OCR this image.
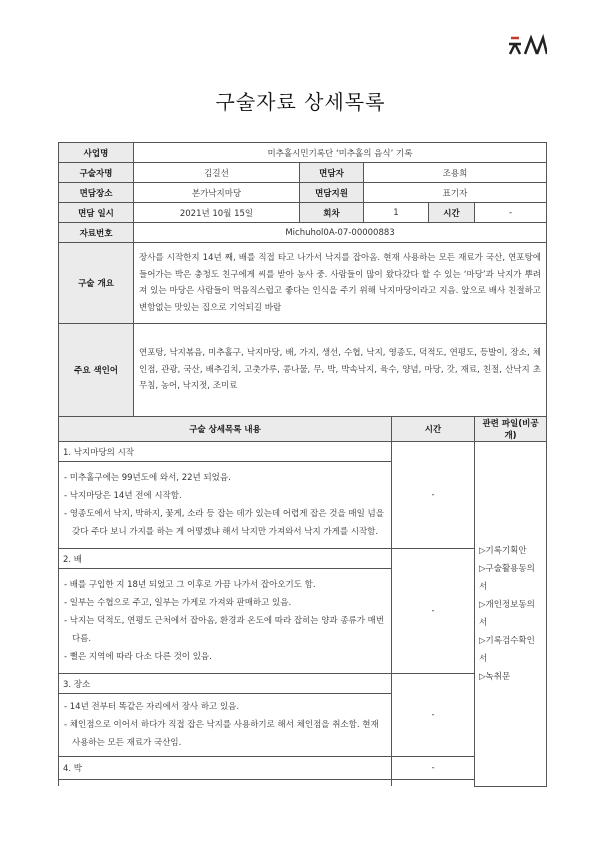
구술자료 상세목록
사업명	미추홀시민기록단 ‘미추홀의 음식’ 기록					
구술자명	김길선	면담자	조용희			
면담장소	본가낙지마당	면담지원	표기자			
면담 일시	2021년 10월 15일	회차	1		시간	-
자료번호	Michuhol0A-07-00000883					
구술 개요	장사를 시작한지 14년 째, 배를 직접 타고 나가서 낙지를 잡아옴. 현재 사용하는 모든 재료가 국산, 연포탕에 들어가는 박은 충청도 친구에게 씨를 받아 농사 중. 사람들이 많이 왔다갔다 할 수 있는 ‘마당’과 낙지가 뿌려져 있는 마당은 사람들이 먹음직스럽고 좋다는 인식을 주기 위해 낙지마당이라고 지음. 앞으로 배사 친절하고 변함없는 맛있는 집으로 기억되길 바람					
주요 색인어	연포탕, 낙지볶음, 미추홀구, 낙지마당, 배, 가지, 생선, 수협, 낙지, 영종도, 덕적도, 연평도, 등발이, 장소, 체인점, 관광, 국산, 배추김치, 고춧가루, 콩나물, 무, 박, 박속낙지, 육수, 양념, 마당, 갓, 재료, 친절, 산낙지 초무침, 농어, 낙지젓, 조미료					
구술 상세목록 내용				시간		관련 파일(비공개)
1. 낙지마당의 시작				-		▷기록기획안
▷구술활용동의서
▷개인정보동의서
▷기록검수확인서
▷녹취문

- 미추홀구에는 99년도에 와서, 22년 되었음.
- 낙지마당은 14년 전에 시작함.
- 영종도에서 낙지, 박하지, 꽃게, 소라 등 잡는 데가 있는데 어렵게 잡은 것을 매일 넘을 갖다 주다 보니 가지를 하는 게 어떻겠냐 해서 낙지만 가져와서 낙지 가게를 시작함.						

2. 배				-		

- 배를 구입한 지 18년 되었고 그 이후로 가끔 나가서 잡아오기도 함.
- 일부는 수협으로 주고, 일부는 가게로 가져와 판매하고 있음.
- 낙지는 덕적도, 연평도 근처에서 잡아옴, 환경과 온도에 따라 잡히는 양과 종류가 매번 다름.
- 뻘은 지역에 따라 다소 다른 것이 있음.						

3. 장소				-		

- 14년 전부터 똑같은 자리에서 장사 하고 있음.
- 체인점으로 이어서 하다가 직접 잡은 낙지를 사용하기로 해서 체인점을 취소함. 현재 사용하는 모든 재료가 국산임.						

4. 박				-		
